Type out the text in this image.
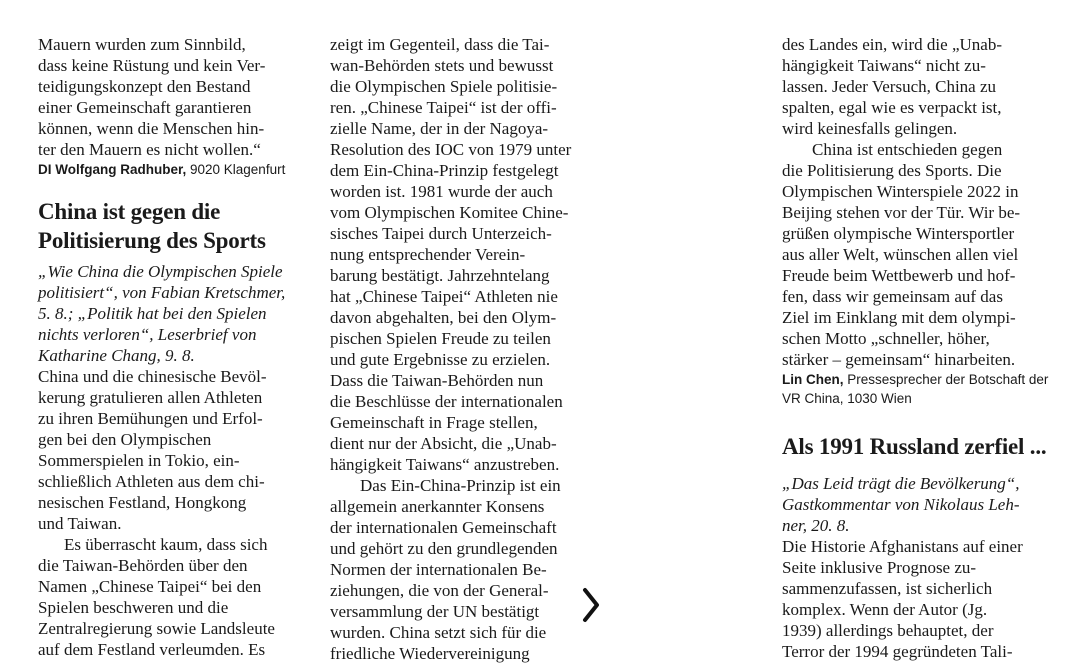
Mauern wurden zum Sinnbild,
dass keine Rüstung und kein Ver-
teidigungskonzept den Bestand
einer Gemeinschaft garantieren
können, wenn die Menschen hin-
ter den Mauern es nicht wollen.“

DI Wolfgang Radhuber, 9020 Klagenfurt
China ist gegen die
Politisierung des Sports

„Wie China die Olympischen Spiele
politisiert“, von Fabian Kretschmer,
5. 8.; „Politik hat bei den Spielen
nichts verloren“, Leserbrief von
Katharine Chang, 9. 8.

China und die chinesische Bevöl-
kerung gratulieren allen Athleten
zu ihren Bemühungen und Erfol-
gen bei den Olympischen
Sommerspielen in Tokio, ein-
schließlich Athleten aus dem chi-
nesischen Festland, Hongkong
und Taiwan.

Es überrascht kaum, dass sich
die Taiwan-Behörden über den
Namen „Chinese Taipei“ bei den
Spielen beschweren und die
Zentralregierung sowie Landsleute
auf dem Festland verleumden. Es

zeigt im Gegenteil, dass die Tai-
wan-Behörden stets und bewusst
die Olympischen Spiele politisie-
ren. „Chinese Taipei“ ist der offi-
zielle Name, der in der Nagoya-
Resolution des IOC von 1979 unter
dem Ein-China-Prinzip festgelegt
worden ist. 1981 wurde der auch
vom Olympischen Komitee Chine-
sisches Taipei durch Unterzeich-
nung entsprechender Verein-
barung bestätigt. Jahrzehntelang
hat „Chinese Taipei“ Athleten nie
davon abgehalten, bei den Olym-
pischen Spielen Freude zu teilen
und gute Ergebnisse zu erzielen.
Dass die Taiwan-Behörden nun
die Beschlüsse der internationalen
Gemeinschaft in Frage stellen,
dient nur der Absicht, die „Unab-
hängigkeit Taiwans“ anzustreben.

Das Ein-China-Prinzip ist ein
allgemein anerkannter Konsens
der internationalen Gemeinschaft
und gehört zu den grundlegenden
Normen der internationalen Be-
ziehungen, die von der General-
versammlung der UN bestätigt
wurden. China setzt sich für die
friedliche Wiedervereinigung

des Landes ein, wird die „Unab-
hängigkeit Taiwans“ nicht zu-
lassen. Jeder Versuch, China zu
spalten, egal wie es verpackt ist,
wird keinesfalls gelingen.

China ist entschieden gegen
die Politisierung des Sports. Die
Olympischen Winterspiele 2022 in
Beijing stehen vor der Tür. Wir be-
grüßen olympische Wintersportler
aus aller Welt, wünschen allen viel
Freude beim Wettbewerb und hof-
fen, dass wir gemeinsam auf das
Ziel im Einklang mit dem olympi-
schen Motto „schneller, höher,
stärker – gemeinsam“ hinarbeiten.

Lin Chen, Pressesprecher der Botschaft der
VR China, 1030 Wien
Als 1991 Russland zerfiel ...

„Das Leid trägt die Bevölkerung“,
Gastkommentar von Nikolaus Leh-
ner, 20. 8.

Die Historie Afghanistans auf einer
Seite inklusive Prognose zu-
sammenzufassen, ist sicherlich
komplex. Wenn der Autor (Jg.
1939) allerdings behauptet, der
Terror der 1994 gegründeten Tali-
